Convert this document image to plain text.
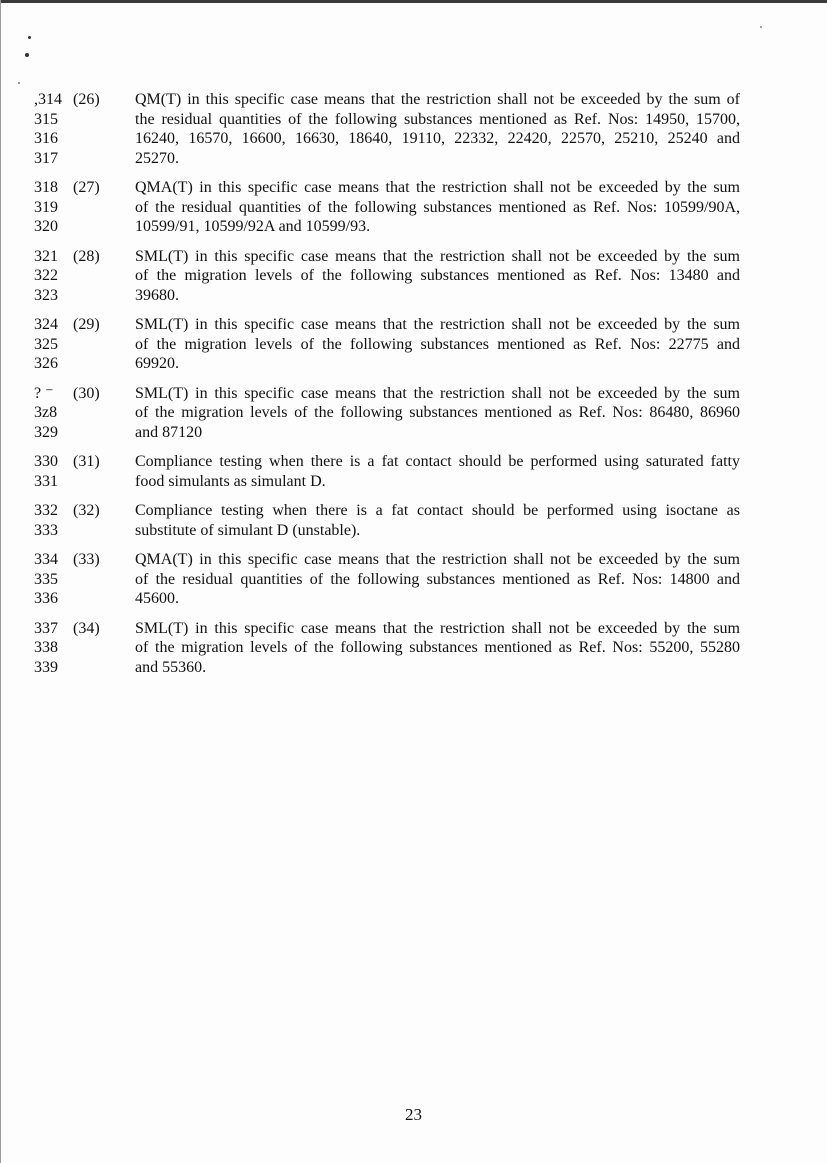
,314 (26)	QM(T) in this specific case means that the restriction shall not be exceeded by the sum of
315	the residual quantities of the following substances mentioned as Ref. Nos: 14950, 15700,
316	16240, 16570, 16600, 16630, 18640, 19110, 22332, 22420, 22570, 25210, 25240 and
317	25270.
318 (27)	QMA(T) in this specific case means that the restriction shall not be exceeded by the sum
319	of the residual quantities of the following substances mentioned as Ref. Nos: 10599/90A,
320	10599/91, 10599/92A and 10599/93.
321 (28)	SML(T) in this specific case means that the restriction shall not be exceeded by the sum
322	of the migration levels of the following substances mentioned as Ref. Nos: 13480 and
323	39680.
324 (29)	SML(T) in this specific case means that the restriction shall not be exceeded by the sum
325	of the migration levels of the following substances mentioned as Ref. Nos: 22775 and
326	69920.
? ⁻	(30)	SML(T) in this specific case means that the restriction shall not be exceeded by the sum
3ᴢ8	of the migration levels of the following substances mentioned as Ref. Nos: 86480, 86960
329	and 87120
330 (31)	Compliance testing when there is a fat contact should be performed using saturated fatty
331	food simulants as simulant D.
332 (32)	Compliance testing when there is a fat contact should be performed using isoctane as
333	substitute of simulant D (unstable).
334 (33)	QMA(T) in this specific case means that the restriction shall not be exceeded by the sum
335	of the residual quantities of the following substances mentioned as Ref. Nos: 14800 and
336	45600.
337 (34)	SML(T) in this specific case means that the restriction shall not be exceeded by the sum
338	of the migration levels of the following substances mentioned as Ref. Nos: 55200, 55280
339	and 55360.
23
